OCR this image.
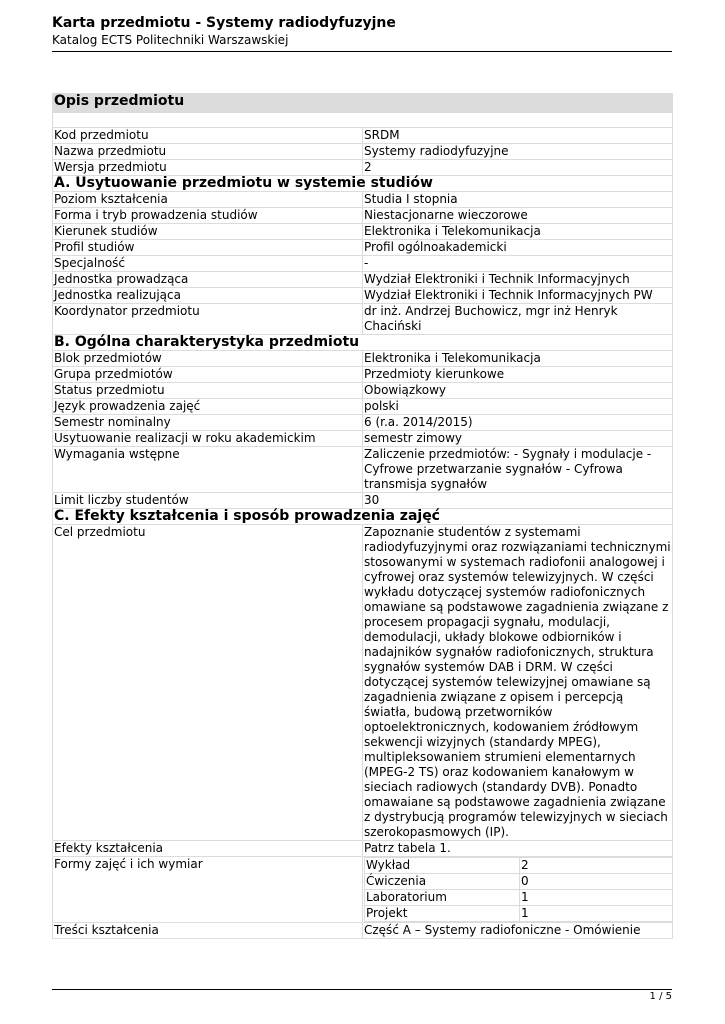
Karta przedmiotu - Systemy radiodyfuzyjne
Katalog ECTS Politechniki Warszawskiej
Opis przedmiotu

Kod przedmiotu	SRDM
Nazwa przedmiotu	Systemy radiodyfuzyjne
Wersja przedmiotu	2
A. Usytuowanie przedmiotu w systemie studiów
Poziom kształcenia	Studia I stopnia
Forma i tryb prowadzenia studiów	Niestacjonarne wieczorowe
Kierunek studiów	Elektronika i Telekomunikacja
Profil studiów	Profil ogólnoakademicki
Specjalność	-
Jednostka prowadząca	Wydział Elektroniki i Technik Informacyjnych
Jednostka realizująca	Wydział Elektroniki i Technik Informacyjnych PW
Koordynator przedmiotu	dr inż. Andrzej Buchowicz, mgr inż Henryk Chaciński
B. Ogólna charakterystyka przedmiotu
Blok przedmiotów	Elektronika i Telekomunikacja
Grupa przedmiotów	Przedmioty kierunkowe
Status przedmiotu	Obowiązkowy
Język prowadzenia zajęć	polski
Semestr nominalny	6 (r.a. 2014/2015)
Usytuowanie realizacji w roku akademickim	semestr zimowy
Wymagania wstępne	Zaliczenie przedmiotów: - Sygnały i modulacje - Cyfrowe przetwarzanie sygnałów - Cyfrowa transmisja sygnałów
Limit liczby studentów	30
C. Efekty kształcenia i sposób prowadzenia zajęć
Cel przedmiotu	Zapoznanie studentów z systemami radiodyfuzyjnymi oraz rozwiązaniami technicznymi stosowanymi w systemach radiofonii analogowej i cyfrowej oraz systemów telewizyjnych. W części wykładu dotyczącej systemów radiofonicznych omawiane są podstawowe zagadnienia związane z procesem propagacji sygnału, modulacji, demodulacji, układy blokowe odbiorników i nadajników sygnałów radiofonicznych, struktura sygnałów systemów DAB i DRM. W części dotyczącej systemów telewizyjnej omawiane są zagadnienia związane z opisem i percepcją światła, budową przetworników optoelektronicznych, kodowaniem źródłowym sekwencji wizyjnych (standardy MPEG), multipleksowaniem strumieni elementarnych (MPEG-2 TS) oraz kodowaniem kanałowym w sieciach radiowych (standardy DVB). Ponadto omawaiane są podstawowe zagadnienia związane z dystrybucją programów telewizyjnych w sieciach szerokopasmowych (IP).
Efekty kształcenia	Patrz tabela 1.
Formy zajęć i ich wymiar		Wykład	2
Ćwiczenia	0
Laboratorium	1
Projekt	1

Treści kształcenia	Część A – Systemy radiofoniczne - Omówienie
1 / 5
